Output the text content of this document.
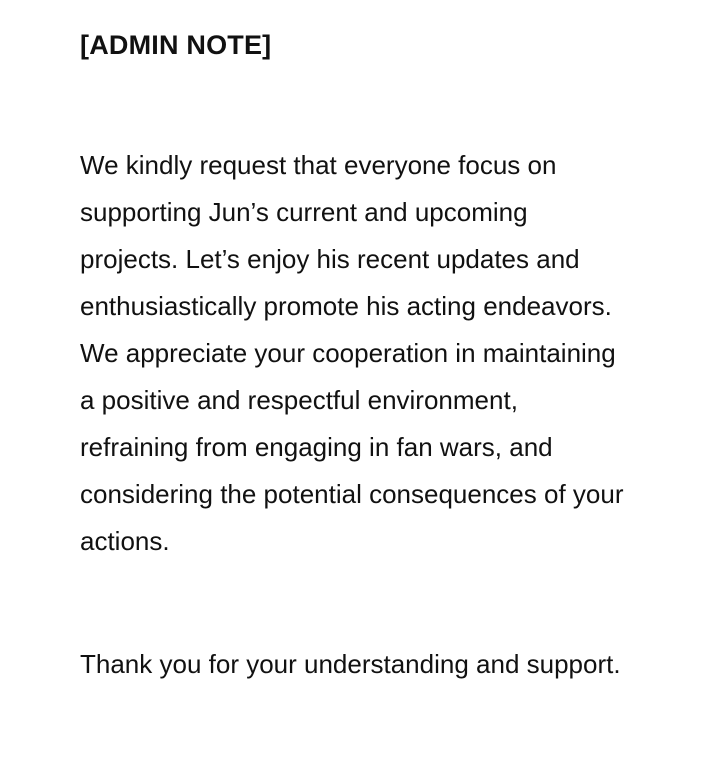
[ADMIN NOTE]

We kindly request that everyone focus on supporting Jun’s current and upcoming projects. Let’s enjoy his recent updates and enthusiastically promote his acting endeavors. We appreciate your cooperation in maintaining a positive and respectful environment, refraining from engaging in fan wars, and considering the potential consequences of your actions.

Thank you for your understanding and support.
